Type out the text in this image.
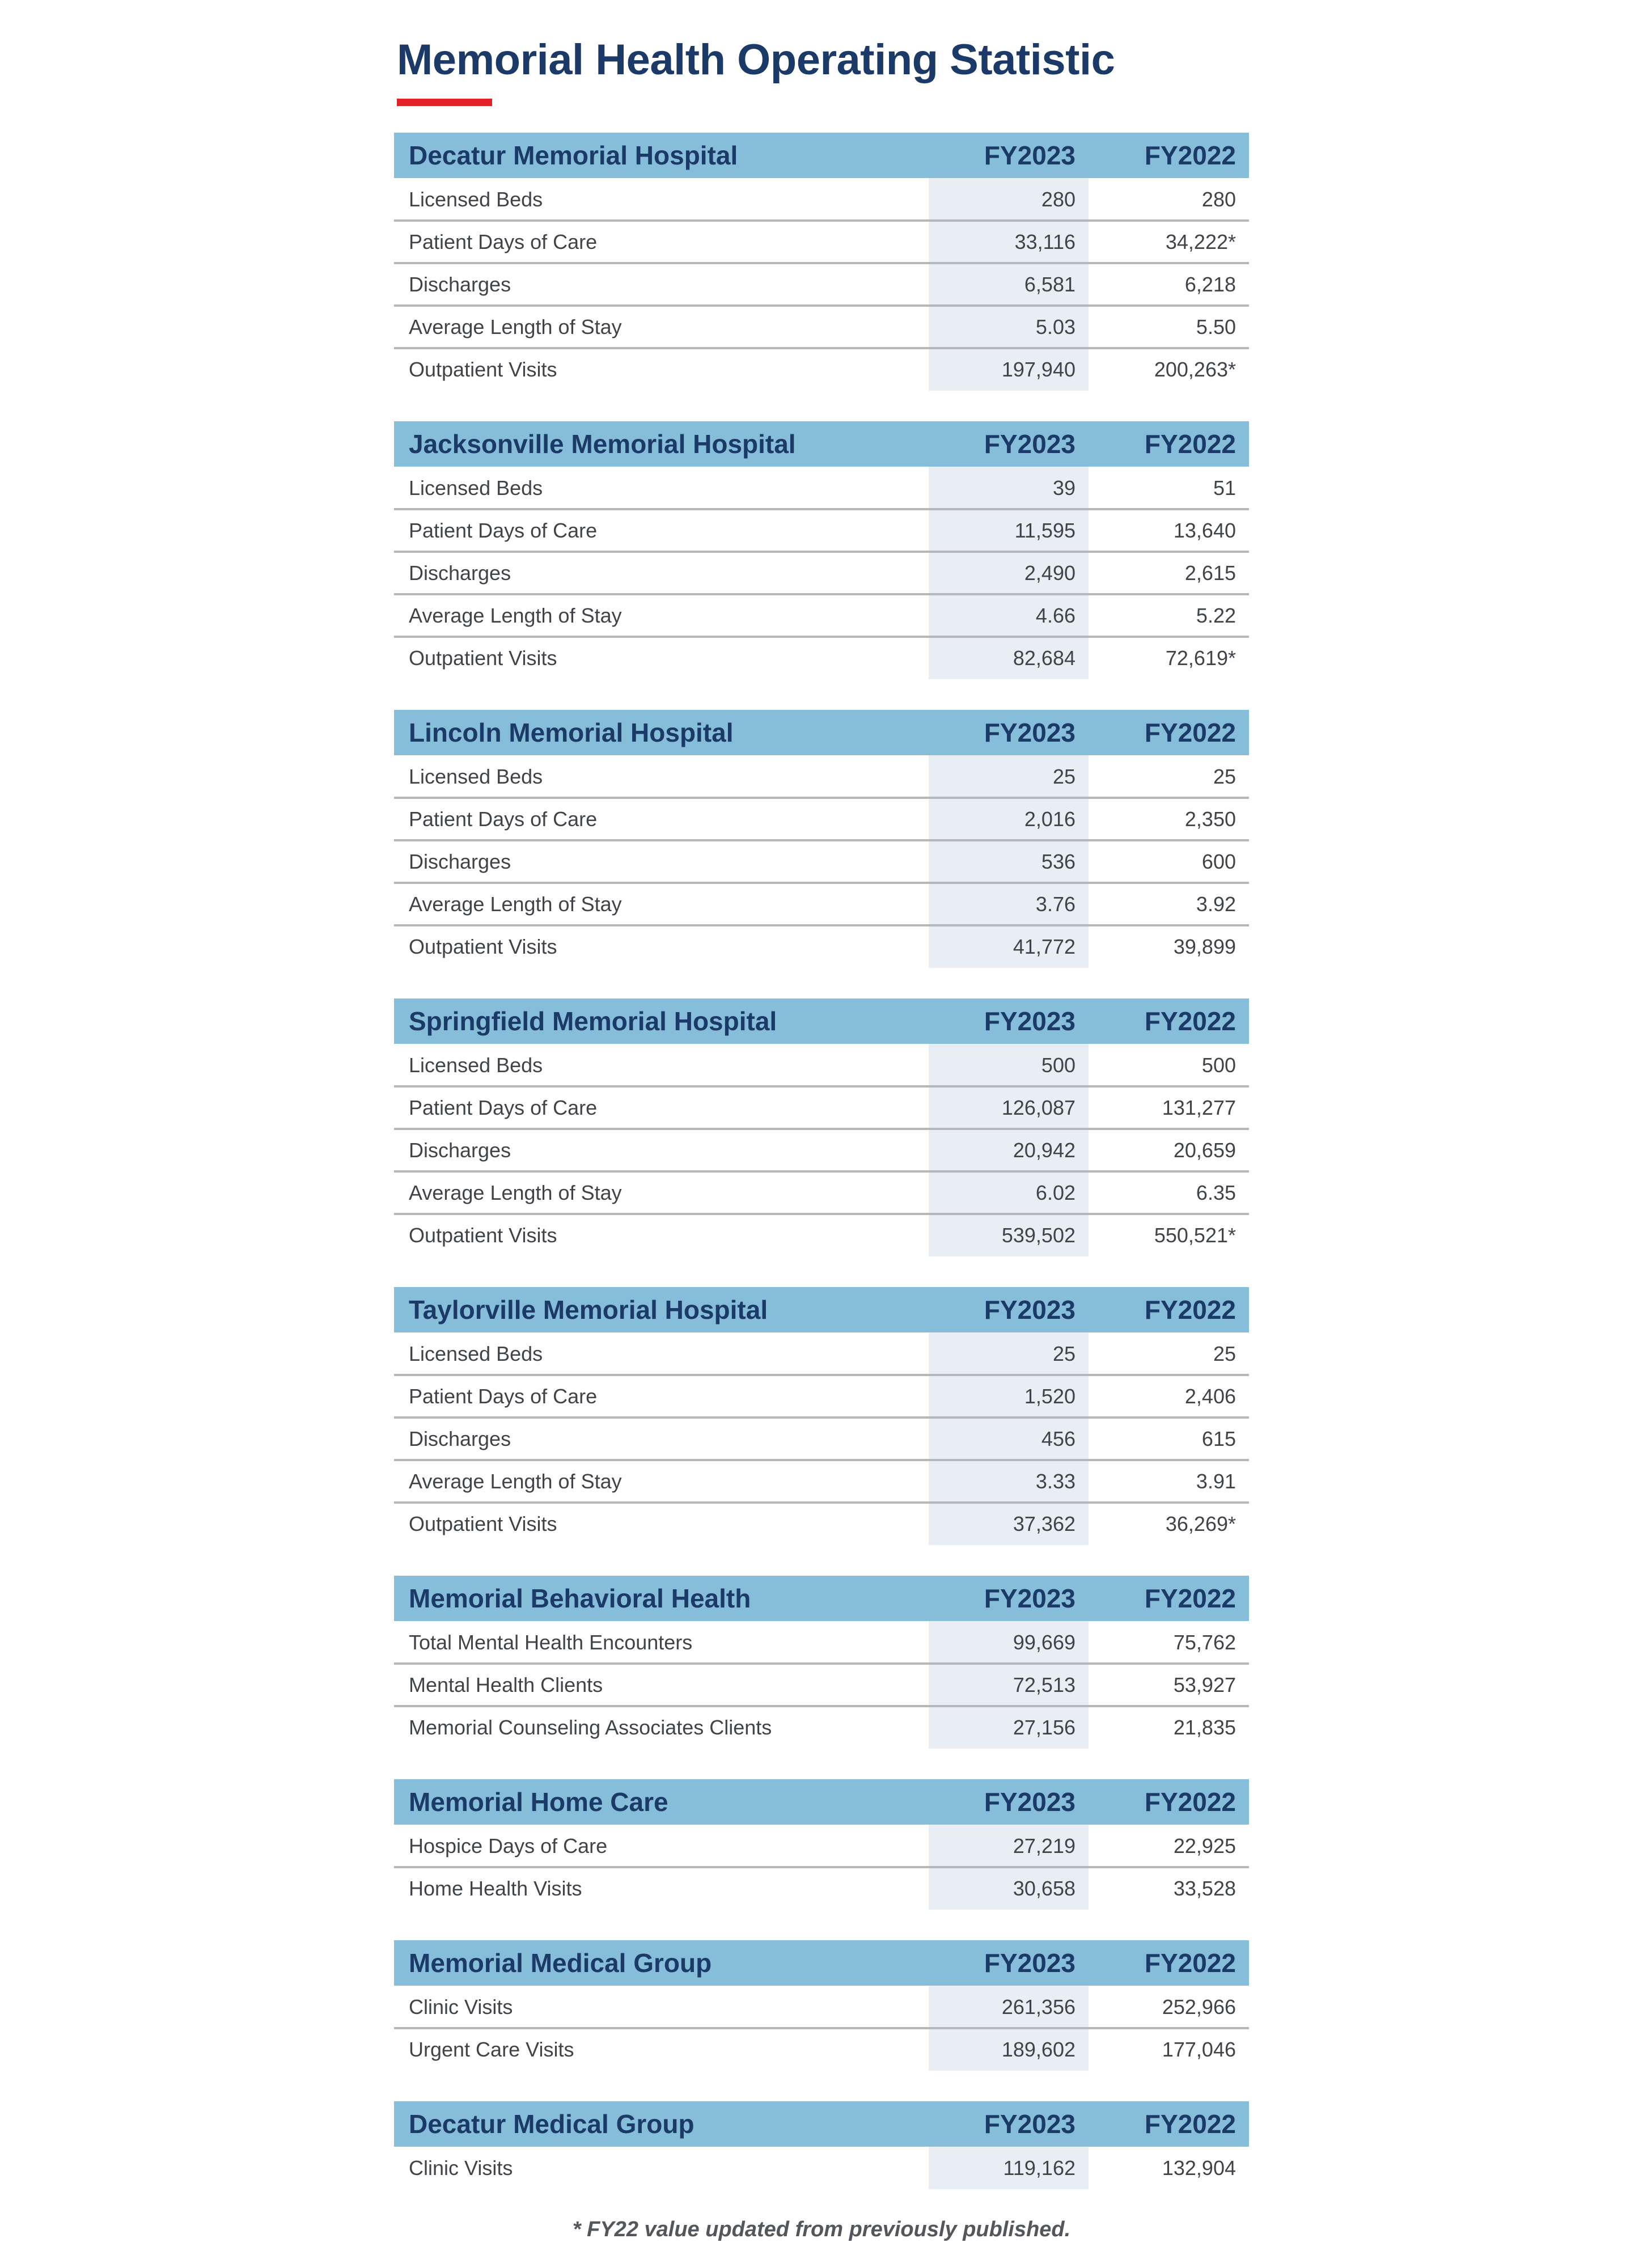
Memorial Health Operating Statistic
Decatur Memorial Hospital	FY2023	FY2022
Licensed Beds	280	280
Patient Days of Care	33,116	34,222*
Discharges	6,581	6,218
Average Length of Stay	5.03	5.50
Outpatient Visits	197,940	200,263*
Jacksonville Memorial Hospital	FY2023	FY2022
Licensed Beds	39	51
Patient Days of Care	11,595	13,640
Discharges	2,490	2,615
Average Length of Stay	4.66	5.22
Outpatient Visits	82,684	72,619*
Lincoln Memorial Hospital	FY2023	FY2022
Licensed Beds	25	25
Patient Days of Care	2,016	2,350
Discharges	536	600
Average Length of Stay	3.76	3.92
Outpatient Visits	41,772	39,899
Springfield Memorial Hospital	FY2023	FY2022
Licensed Beds	500	500
Patient Days of Care	126,087	131,277
Discharges	20,942	20,659
Average Length of Stay	6.02	6.35
Outpatient Visits	539,502	550,521*
Taylorville Memorial Hospital	FY2023	FY2022
Licensed Beds	25	25
Patient Days of Care	1,520	2,406
Discharges	456	615
Average Length of Stay	3.33	3.91
Outpatient Visits	37,362	36,269*
Memorial Behavioral Health	FY2023	FY2022
Total Mental Health Encounters	99,669	75,762
Mental Health Clients	72,513	53,927
Memorial Counseling Associates Clients	27,156	21,835
Memorial Home Care	FY2023	FY2022
Hospice Days of Care	27,219	22,925
Home Health Visits	30,658	33,528
Memorial Medical Group	FY2023	FY2022
Clinic Visits	261,356	252,966
Urgent Care Visits	189,602	177,046
Decatur Medical Group	FY2023	FY2022
Clinic Visits	119,162	132,904
* FY22 value updated from previously published.
